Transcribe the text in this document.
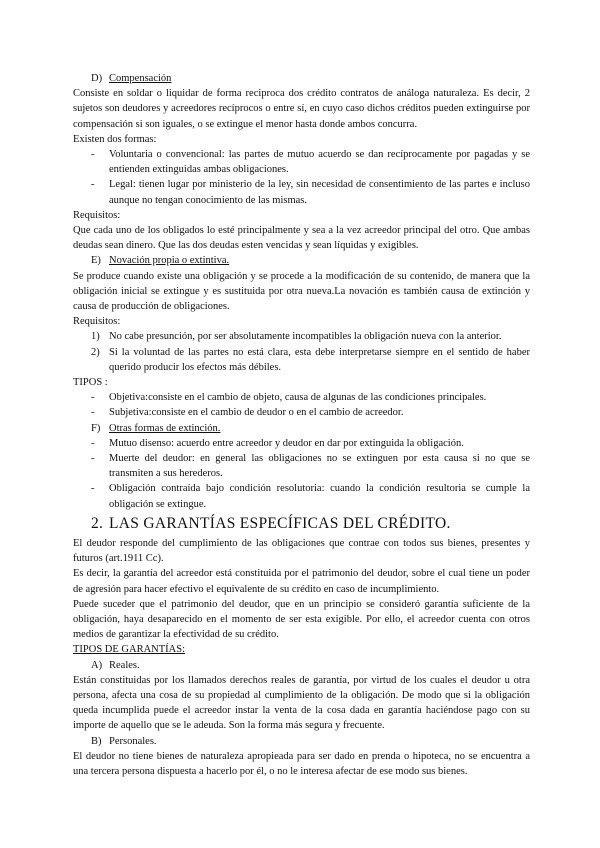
D) Compensación

Consiste en soldar o liquidar de forma reciproca dos crédito contratos de análoga naturaleza. Es decir, 2 sujetos son deudores y acreedores recíprocos o entre sí, en cuyo caso dichos créditos pueden extinguirse por compensación si son iguales, o se extingue el menor hasta donde ambos concurra.

Existen dos formas:

- Voluntaria o convencional: las partes de mutuo acuerdo se dan recíprocamente por pagadas y se entienden extinguidas ambas obligaciones.
- Legal: tienen lugar por ministerio de la ley, sin necesidad de consentimiento de las partes e incluso aunque no tengan conocimiento de las mismas.

Requisitos:

Que cada uno de los obligados lo esté principalmente y sea a la vez acreedor principal del otro. Que ambas deudas sean dinero. Que las dos deudas esten vencidas y sean líquidas y exigibles.

E) Novación propia o extintiva.

Se produce cuando existe una obligación y se procede a la modificación de su contenido, de manera que la obligación inicial se extingue y es sustituida por otra nueva.La novación es también causa de extinción y causa de producción de obligaciones.

Requisitos:

1) No cabe presunción, por ser absolutamente incompatibles la obligación nueva con la anterior.
2) Si la voluntad de las partes no está clara, esta debe interpretarse siempre en el sentido de haber querido producir los efectos más débiles.

TIPOS :

- Objetiva:consiste en el cambio de objeto, causa de algunas de las condiciones principales.
- Subjetiva:consiste en el cambio de deudor o en el cambio de acreedor.
F) Otras formas de extinción.
- Mutuo disenso: acuerdo entre acreedor y deudor en dar por extinguida la obligación.
- Muerte del deudor: en general las obligaciones no se extinguen por esta causa si no que se transmiten a sus herederos.
- Obligación contraída bajo condición resolutoria: cuando la condición resultoria se cumple la obligación se extingue.
2. LAS GARANTÍAS ESPECÍFICAS DEL CRÉDITO.

El deudor responde del cumplimiento de las obligaciones que contrae con todos sus bienes, presentes y futuros (art.1911 Cc).

Es decir, la garantía del acreedor está constituida por el patrimonio del deudor, sobre el cual tiene un poder de agresión para hacer efectivo el equivalente de su crédito en caso de incumplimiento.

Puede suceder que el patrimonio del deudor, que en un principio se consideró garantía suficiente de la obligación, haya desaparecido en el momento de ser esta exigible. Por ello, el acreedor cuenta con otros medios de garantizar la efectividad de su crédito.

TIPOS DE GARANTÍAS:

A) Reales.

Están constituidas por los llamados derechos reales de garantía, por virtud de los cuales el deudor u otra persona, afecta una cosa de su propiedad al cumplimiento de la obligación. De modo que si la obligación queda incumplida puede el acreedor instar la venta de la cosa dada en garantía haciéndose pago con su importe de aquello que se le adeuda. Son la forma más segura y frecuente.

B) Personales.

El deudor no tiene bienes de naturaleza apropieada para ser dado en prenda o hipoteca, no se encuentra a una tercera persona dispuesta a hacerlo por él, o no le interesa afectar de ese modo sus bienes.
